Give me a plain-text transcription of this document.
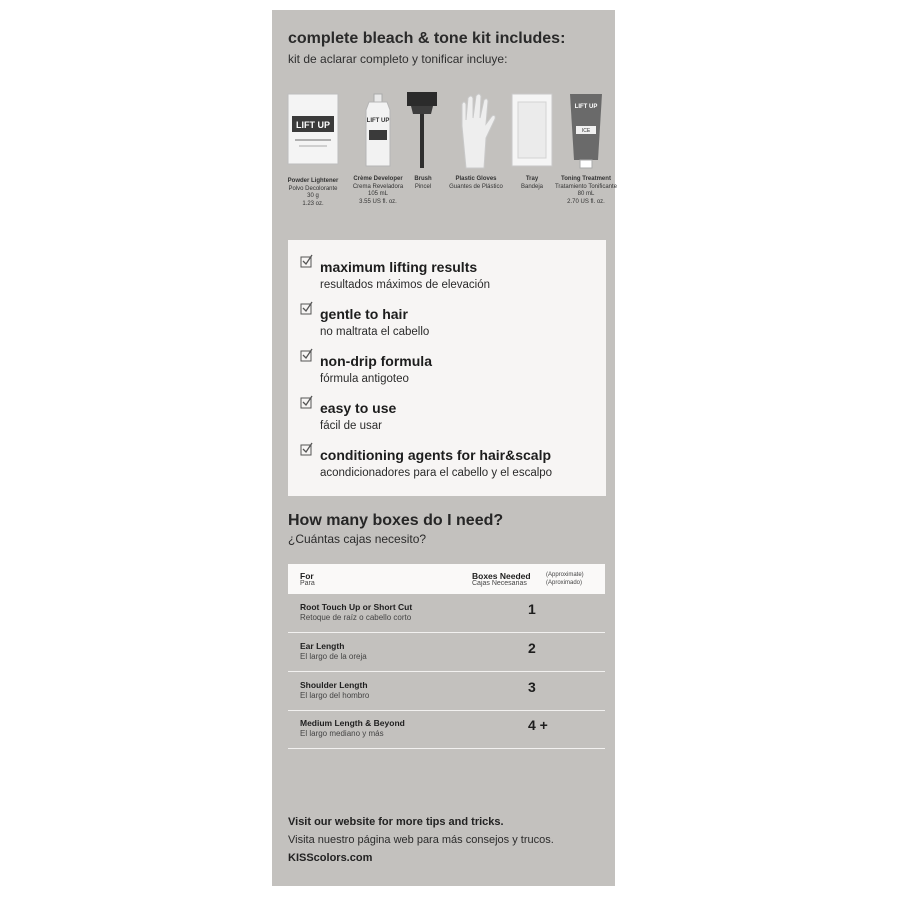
complete bleach & tone kit includes:
kit de aclarar completo y tonificar incluye:
LIFT UP
Powder Lightener
Polvo Decolorante
30 g
1.23 oz.
LIFT UP
Crème Developer
Crema Reveladora
105 mL
3.55 US fl. oz.
Brush
Pincel
Plastic Gloves
Guantes de Plástico
Tray
Bandeja
LIFT UP
ICE
Toning Treatment
Tratamiento Tonificante
80 mL
2.70 US fl. oz.
maximum lifting results
resultados máximos de elevación
gentle to hair
no maltrata el cabello
non-drip formula
fórmula antigoteo
easy to use
fácil de usar
conditioning agents for hair&scalp
acondicionadores para el cabello y el escalpo
How many boxes do I need?
¿Cuántas cajas necesito?
For
Para
Boxes Needed
Cajas Necesarias
(Approximate)
(Aproximado)
Root Touch Up or Short Cut
Retoque de raíz o cabello corto
1
Ear Length
El largo de la oreja
2
Shoulder Length
El largo del hombro
3
Medium Length & Beyond
El largo mediano y más
4 +
Visit our website for more tips and tricks.
Visita nuestro página web para más consejos y trucos.
KISScolors.com
